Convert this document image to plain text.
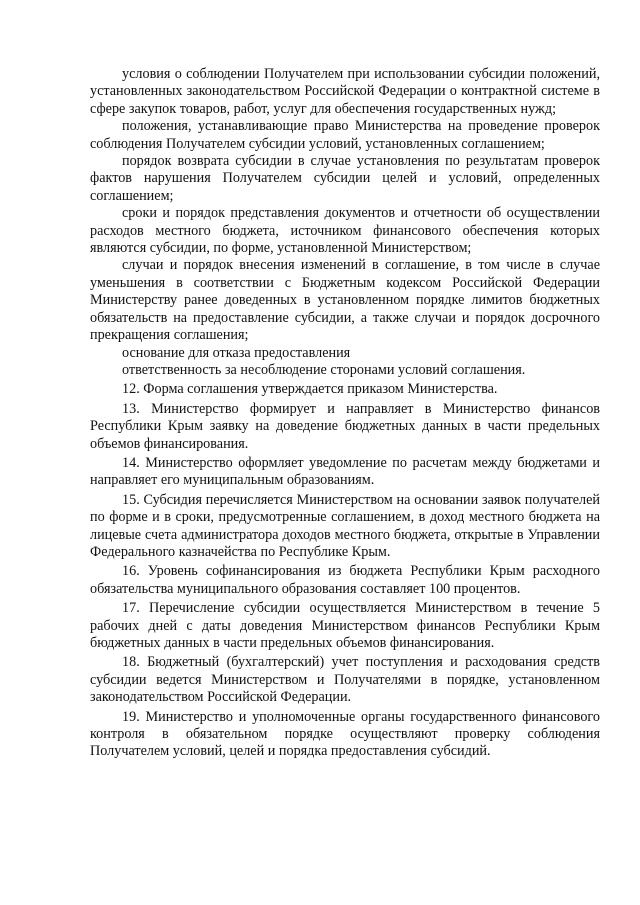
условия о соблюдении Получателем при использовании субсидии положений, установленных законодательством Российской Федерации о контрактной системе в сфере закупок товаров, работ, услуг для обеспечения государственных нужд;

положения, устанавливающие право Министерства на проведение проверок соблюдения Получателем субсидии условий, установленных соглашением;

порядок возврата субсидии в случае установления по результатам проверок фактов нарушения Получателем субсидии целей и условий, определенных соглашением;

сроки и порядок представления документов и отчетности об осуществлении расходов местного бюджета, источником финансового обеспечения которых являются субсидии, по форме, установленной Министерством;

случаи и порядок внесения изменений в соглашение, в том числе в случае уменьшения в соответствии с Бюджетным кодексом Российской Федерации Министерству ранее доведенных в установленном порядке лимитов бюджетных обязательств на предоставление субсидии, а также случаи и порядок досрочного прекращения соглашения;

основание для отказа предоставления

ответственность за несоблюдение сторонами условий соглашения.

12. Форма соглашения утверждается приказом Министерства.

13. Министерство формирует и направляет в Министерство финансов Республики Крым заявку на доведение бюджетных данных в части предельных объемов финансирования.

14. Министерство оформляет уведомление по расчетам между бюджетами и направляет его муниципальным образованиям.

15. Субсидия перечисляется Министерством на основании заявок получателей по форме и в сроки, предусмотренные соглашением, в доход местного бюджета на лицевые счета администратора доходов местного бюджета, открытые в Управлении Федерального казначейства по Республике Крым.

16. Уровень софинансирования из бюджета Республики Крым расходного обязательства муниципального образования составляет 100 процентов.

17. Перечисление субсидии осуществляется Министерством в течение 5 рабочих дней с даты доведения Министерством финансов Республики Крым бюджетных данных в части предельных объемов финансирования.

18. Бюджетный (бухгалтерский) учет поступления и расходования средств субсидии ведется Министерством и Получателями в порядке, установленном законодательством Российской Федерации.

19. Министерство и уполномоченные органы государственного финансового контроля в обязательном порядке осуществляют проверку соблюдения Получателем условий, целей и порядка предоставления субсидий.
